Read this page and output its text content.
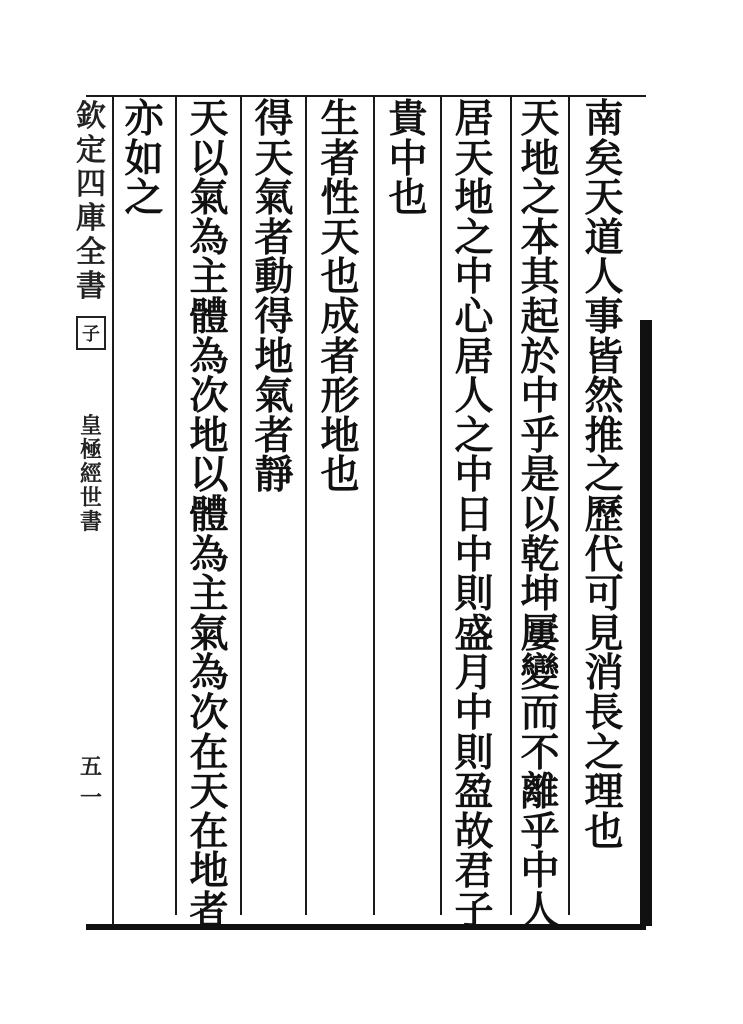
欽
定
四
庫
全
書
子
皇
極
經
世
書
五一
南
矣
天
道
人
事
皆
然
推
之
歷
代
可
見
消
長
之
理
也
天
地
之
本
其
起
於
中
乎
是
以
乾
坤
屢
變
而
不
離
乎
中
人
居
天
地
之
中
心
居
人
之
中
日
中
則
盛
月
中
則
盈
故
君
子
貴
中
也
生
者
性
天
也
成
者
形
地
也
得
天
氣
者
動
得
地
氣
者
靜
天
以
氣
為
主
體
為
次
地
以
體
為
主
氣
為
次
在
天
在
地
者
亦
如
之
